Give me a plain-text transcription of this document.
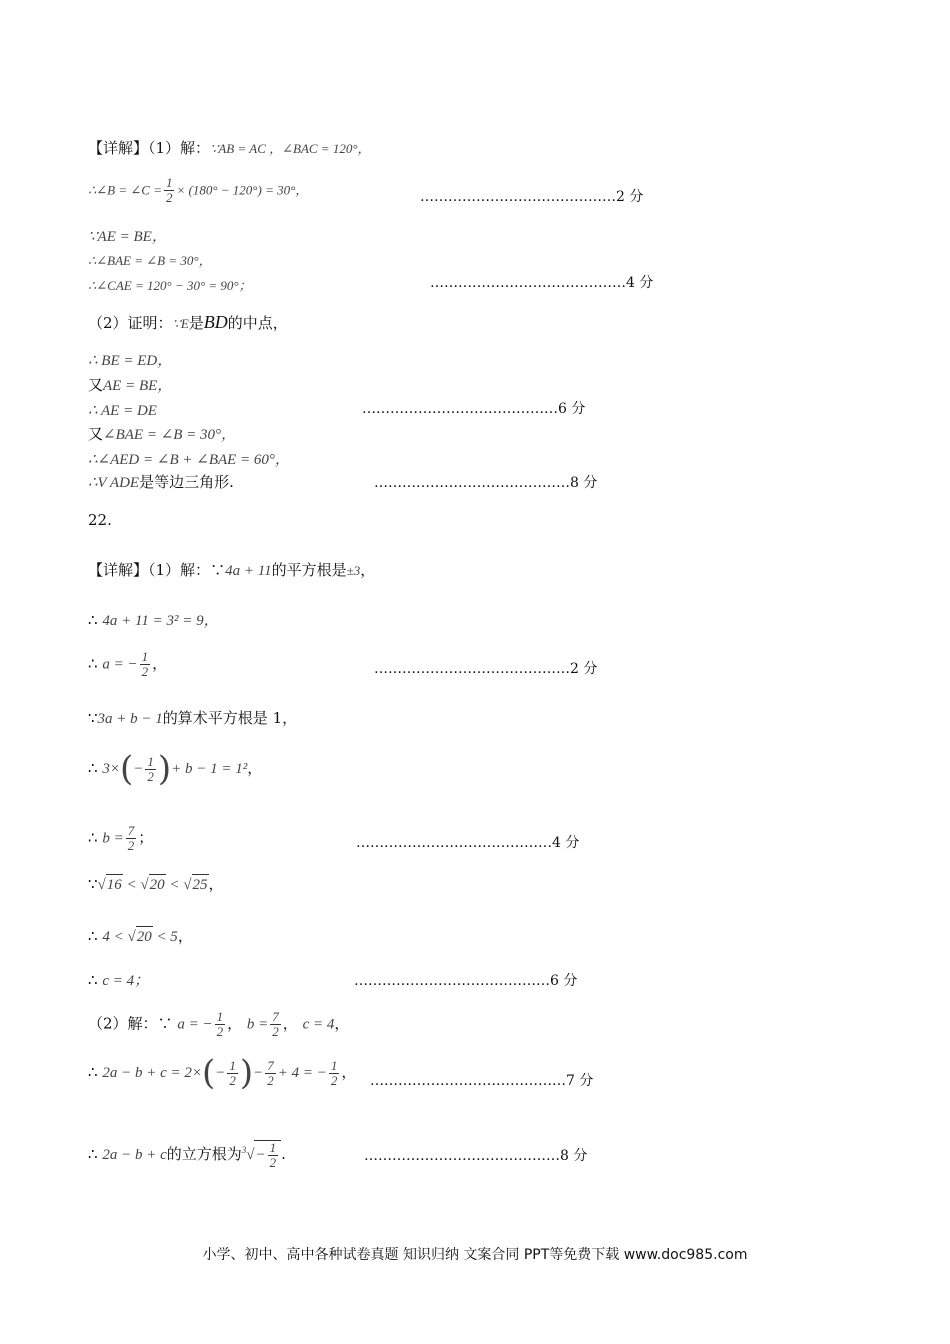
【详解】（1）解：∵AB = AC ，∠BAC = 120°，
∴∠B = ∠C = $\frac{1}{2} \times (180^\circ - 120^\circ) = 30^\circ$，	……………………………………2 分
∵AE = BE，
∴∠BAE = ∠B = 30°，
∴∠CAE = 120° − 30° = 90°；	……………………………………4 分
（2）证明：∵E是BD的中点，
∴ BE = ED，
又AE = BE，
∴ AE = DE	……………………………………6 分
又∠BAE = ∠B = 30°，
∴∠AED = ∠B + ∠BAE = 60°，
∴V ADE是等边三角形.	……………………………………8 分
22.
【详解】（1）解：∵4a + 11的平方根是±3，
∴ 4a + 11 = 3² = 9，
∴ a = − $\frac{1}{2}$ ，	……………………………………2 分
∵3a + b − 1的算术平方根是 1，
∴ $3\times(- \frac{1}{2}$ )+ b − 1 = 1²，
∴ $b = \frac{7}{2}$ ；	……………………………………4 分
∵√16 < √20 < √25，
∴ 4 < √20 < 5，
∴ c = 4；	……………………………………6 分
（2）解：∵ a = − $\frac{1}{2}$ ， $b = \frac{7}{2}$ ， c = 4，
∴ $2a - b + c = 2\times(- \frac{1}{2}$ )− $\frac{7}{2} + 4$ = − $\frac{1}{2}$ ， ……………………………………7 分
∴ 2a − b + c的立方根为$^3√- \frac{1}{2}$ .	……………………………………8 分
小学、初中、高中各种试卷真题 知识归纳 文案合同 PPT等免费下载 www.doc985.com
